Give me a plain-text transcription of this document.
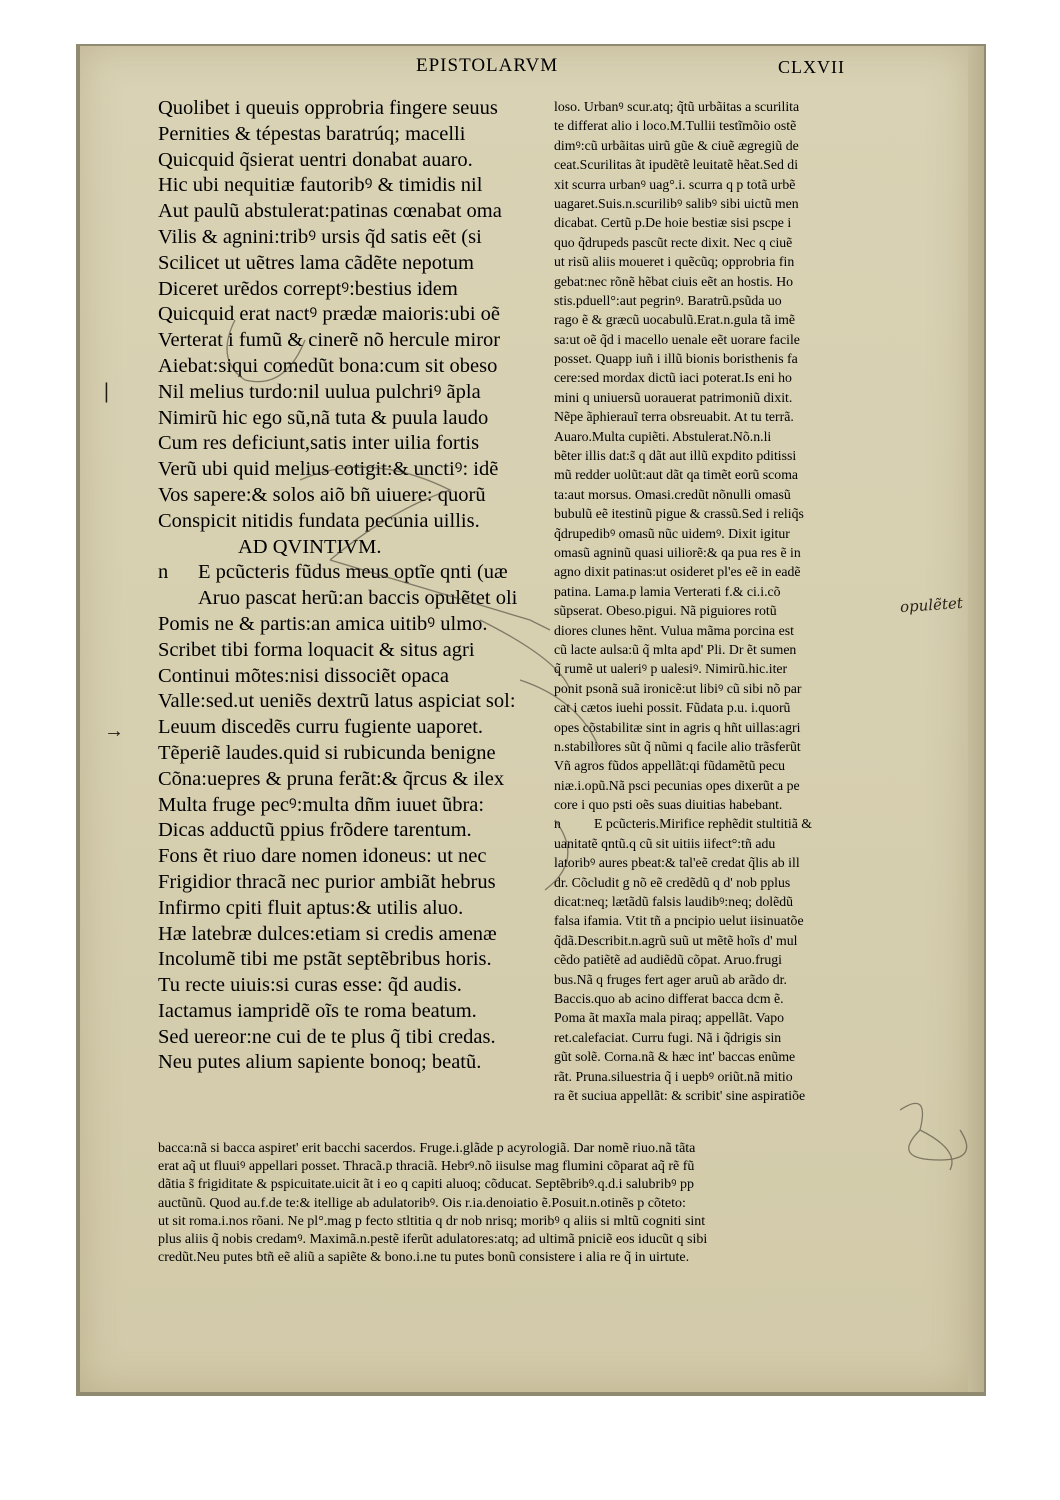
EPISTOLARVM	CLXVII
Quolibet i queuis opprobria fingere seuus
Pernities & tépestas baratrúq; macelli
Quicquid q̃sierat uentri donabat auaro.
Hic ubi nequitiæ fautoribꝰ & timidis nil
Aut paulũ abstulerat:patinas cœnabat oma
Vilis & agnini:tribꝰ ursis q̃d satis eẽt (si
Scilicet ut uẽtres lama cãdẽte nepotum
Diceret urẽdos correptꝰ:bestius idem
Quicquid erat nactꝰ prædæ maioris:ubi oẽ
Verterat i fumũ & cinerẽ nõ hercule miror
Aiebat:siqui comedũt bona:cum sit obeso
Nil melius turdo:nil uulua pulchriꝰ ãpla
Nimirũ hic ego sũ,nã tuta & puula laudo
Cum res deficiunt,satis inter uilia fortis
Verũ ubi quid melius cotigit:& unctiꝰ: idẽ
Vos sapere:& solos aiõ bñ uiuere: quorũ
Conspicit nitidis fundata pecunia uillis.
AD QVINTIVM.
n E pcũcteris fũdus meus optĩe qnti (uæ
Aruo pascat herũ:an baccis opulẽtet oli
Pomis ne & partis:an amica uitibꝰ ulmo.
Scribet tibi forma loquacit & situs agri
Continui mõtes:nisi dissociẽt opaca
Valle:sed.ut ueniẽs dextrũ latus aspiciat sol:
Leuum discedẽs curru fugiente uaporet.
Tẽperiẽ laudes.quid si rubicunda benigne
Cõna:uepres & pruna ferãt:& q̃rcus & ilex
Multa fruge pecꝰ:multa dñm iuuet ũbra:
Dicas adductũ ppius frõdere tarentum.
Fons ẽt riuo dare nomen idoneus: ut nec
Frigidior thracã nec purior ambiãt hebrus
Infirmo cpiti fluit aptus:& utilis aluo.
Hæ latebræ dulces:etiam si credis amenæ
Incolumẽ tibi me pstãt septẽbribus horis.
Tu recte uiuis:si curas esse: q̃d audis.
Iactamus iampridẽ oĩs te roma beatum.
Sed uereor:ne cui de te plus q̃ tibi credas.
Neu putes alium sapiente bonoq; beatũ.
loso. Urbanꝰ scur.atq; q̃tũ urbãitas a scurilita
te differat alio i loco.M.Tullii testĩmõio ostẽ
dimꝰ:cũ urbãitas uirũ gũe & ciuẽ ægregiũ de
ceat.Scurilitas ãt ipudẽtẽ leuitatẽ hẽat.Sed di
xit scurra urbanꝰ uag°.i. scurra q p totã urbẽ
uagaret.Suis.n.scurilibꝰ salibꝰ sibi uictũ men
dicabat. Certũ p.De hoie bestiæ sisi pscpe i
quo q̃drupeds pascũt recte dixit. Nec q ciuẽ
ut risũ aliis moueret i quẽcũq; opprobria fin
gebat:nec rõnẽ hẽbat ciuis eẽt an hostis. Ho
stis.pduell°:aut pegrinꝰ. Baratrũ.psũda uo
rago ẽ & græcũ uocabulũ.Erat.n.gula tã imẽ
sa:ut oẽ q̃d i macello uenale eẽt uorare facile
posset. Quapp iuñ i illũ bionis boristhenis fa
cere:sed mordax dictũ iaci poterat.Is eni ho
mini q uniuersũ uorauerat patrimoniũ dixit.
Nẽpe ãphierauĩ terra obsreuabit. At tu terrã.
Auaro.Multa cupiẽti. Abstulerat.Nõ.n.li
bẽter illis dat:s̃ q dãt aut illũ expdito pditissi
mũ redder uolũt:aut dãt qa timẽt eorũ scoma
ta:aut morsus. Omasi.credũt nõnulli omasũ
bubulũ eẽ itestinũ pigue & crassũ.Sed i reliq̃s
q̃drupedibꝰ omasũ nũc uidemꝰ. Dixit igitur
omasũ agninũ quasi uiliorẽ:& qa pua res ẽ in
agno dixit patinas:ut osideret pl'es eẽ in eadẽ
patina. Lama.p lamia Verterati f.& ci.i.cõ
sũpserat. Obeso.pigui. Nã piguiores rotũ
diores clunes hẽnt. Vulua mãma porcina est
cũ lacte aulsa:ũ q̃ mlta apd' Pli. Dr ẽt sumen
q̃ rumẽ ut ualeriꝰ p ualesiꝰ. Nimirũ.hic.iter
ponit psonã suã ironicẽ:ut libiꝰ cũ sibi nõ par
cat i cætos iuehi possit. Fũdata p.u. i.quorũ
opes cõstabilitæ sint in agris q hñt uillas:agri
n.stabiliores sũt q̃ nũmi q facile alio trãsferũt
Vñ agros fũdos appellãt:qi fũdamẽtũ pecu
niæ.i.opũ.Nã psci pecunias opes dixerũt a pe
core i quo psti oẽs suas diuitias habebant.
n E pcũcteris.Mirifice rephẽdit stultitiã &
uanitatẽ qntũ.q cũ sit uitiis iifect°:tñ adu
latoribꝰ aures pbeat:& tal'eẽ credat q̃lis ab ill
dr. Cõcludit g nõ eẽ credẽdũ q d' nob pplus
dicat:neq; lætãdũ falsis laudibꝰ:neq; dolẽdũ
falsa ifamia. Vtit tñ a pncipio uelut iisinuatõe
q̃dã.Describit.n.agrũ suũ ut mẽtẽ hoĩs d' mul
cẽdo patiẽtẽ ad audiẽdũ cõpat. Aruo.frugi
bus.Nã q fruges fert ager aruũ ab arãdo dr.
Baccis.quo ab acino differat bacca dcm ẽ.
Poma ãt maxĩa mala piraq; appellãt. Vapo
ret.calefaciat. Curru fugi. Nã i q̃drigis sin
gũt solẽ. Corna.nã & hæc int' baccas enũme
rãt. Pruna.siluestria q̃ i uepbꝰ oriũt.nã mitio
ra ẽt suciua appellãt: & scribit' sine aspiratiõe
bacca:nã si bacca aspiret' erit bacchi sacerdos. Fruge.i.glãde p acyrologiã. Dar nomẽ riuo.nã tãta
erat aq̃ ut fluuiꝰ appellari posset. Thracã.p thraciã. Hebrꝰ.nõ iisulse mag flumini cõparat aq̃ rẽ fũ
dãtia s̃ frigiditate & pspicuitate.uicit ãt i eo q capiti aluoq; cõducat. Septẽbribꝰ.q.d.i salubribꝰ pp
auctũnũ. Quod au.f.de te:& itellige ab adulatoribꝰ. Ois r.ia.denoiatio ẽ.Posuit.n.otinẽs p cõteto:
ut sit roma.i.nos rõani. Ne pl°.mag p fecto stltitia q dr nob nrisq; moribꝰ q aliis si mltũ cogniti sint
plus aliis q̃ nobis credamꝰ. Maximã.n.pestẽ iferũt adulatores:atq; ad ultimã pniciẽ eos iducũt q sibi
credũt.Neu putes btñ eẽ aliũ a sapiẽte & bono.i.ne tu putes bonũ consistere i alia re q̃ in uirtute.
opulẽtet
|
→
